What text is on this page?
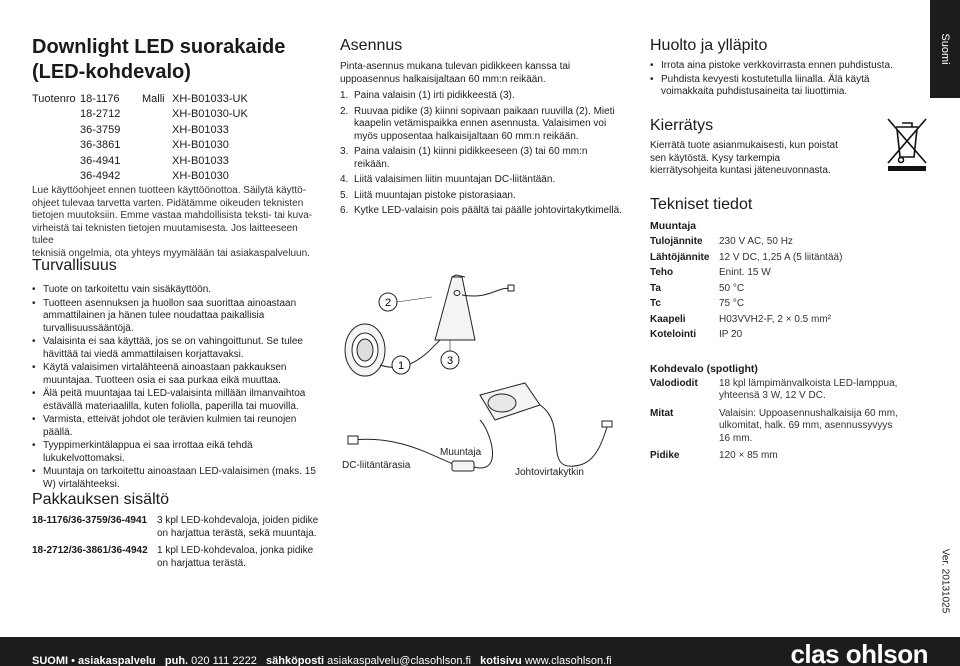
Downlight LED suorakaide (LED-kohdevalo)
Tuotenro	Malli
18-1176	XH-B01033-UK
18-2712	XH-B01030-UK
36-3759	XH-B01033
36-3861	XH-B01030
36-4941	XH-B01033
36-4942	XH-B01030
Lue käyttöohjeet ennen tuotteen käyttöönottoa. Säilytä käyttö-
ohjeet tulevaa tarvetta varten. Pidätämme oikeuden teknisten
tietojen muutoksiin. Emme vastaa mahdollisista teksti- tai kuva-
virheistä tai teknisten tietojen muutamisesta. Jos laitteeseen tulee
teknisiä ongelmia, ota yhteys myymälään tai asiakaspalveluun.
Turvallisuus
• Tuote on tarkoitettu vain sisäkäyttöön.
• Tuotteen asennuksen ja huollon saa suorittaa ainoastaan ammattilainen ja hänen tulee noudattaa paikallisia turvallisuussääntöjä.
• Valaisinta ei saa käyttää, jos se on vahingoittunut. Se tulee hävittää tai viedä ammattilaisen korjattavaksi.
• Käytä valaisimen virtalähteenä ainoastaan pakkauksen muuntajaa. Tuotteen osia ei saa purkaa eikä muuttaa.
• Älä peitä muuntajaa tai LED-valaisinta millään ilmanvaihtoa estävällä materiaalilla, kuten foliolla, paperilla tai muovilla.
• Varmista, etteivät johdot ole terävien kulmien tai reunojen päällä.
• Tyyppimerkintälappua ei saa irrottaa eikä tehdä lukukelvottomaksi.
• Muuntaja on tarkoitettu ainoastaan LED-valaisimen (maks. 15 W) virtalähteeksi.
Pakkauksen sisältö
18-1176/36-3759/36-4941 3 kpl LED-kohdevaloja, joiden pidike on harjattua terästä, sekä muuntaja.
18-2712/36-3861/36-4942 1 kpl LED-kohdevaloa, jonka pidike on harjattua terästä.
Asennus
Pinta-asennus mukana tulevan pidikkeen kanssa tai uppoasennus halkaisijaltaan 60 mm:n reikään.
1. Paina valaisin (1) irti pidikkeestä (3).
2. Ruuvaa pidike (3) kiinni sopivaan paikaan ruuvilla (2). Mieti kaapelin vetämispaikka ennen asennusta. Valaisimen voi myös upposentaa halkaisijaltaan 60 mm:n reikään.
3. Paina valaisin (1) kiinni pidikkeeseen (3) tai 60 mm:n reikään.
4. Liitä valaisimen liitin muuntajan DC-liitäntään.
5. Liitä muuntajan pistoke pistorasiaan.
6. Kytke LED-valaisin pois päältä tai päälle johtovirtakytkimellä.
2
1	3
DC-liitäntärasia
Muuntaja
Johtovirtakytkin
Huolto ja ylläpito
• Irrota aina pistoke verkkovirrasta ennen puhdistusta.
• Puhdista kevyesti kostutetulla liinalla. Älä käytä voimakkaita puhdistusaineita tai liuottimia.
Kierrätys
Kierrätä tuote asianmukaisesti, kun poistat sen käytöstä. Kysy tarkempia kierrätysohjeita kuntasi jäteneuvonnasta.
Tekniset tiedot
Muuntaja
Tulojännite 230 V AC, 50 Hz
Lähtöjännite 12 V DC, 1,25 A (5 liitäntää)
Teho	Enint. 15 W
Ta	50 °C
Tc	75 °C
Kaapeli	H03VVH2-F, 2 × 0.5 mm²
Kotelointi IP 20
Kohdevalo (spotlight)
Valodiodit 18 kpl lämpimänvalkoista LED-lamppua, yhteensä 3 W, 12 V DC.
Mitat	Valaisin: Uppoasennushalkaisija 60 mm, ulkomitat, halk. 69 mm, asennussyvyys 16 mm.
Pidike	120 × 85 mm
Suomi
Ver. 20131025
SUOMI • asiakaspalvelu puh. 020 111 2222 sähköposti asiakaspalvelu@clasohlson.fi kotisivu www.clasohlson.fi	clas ohlson
